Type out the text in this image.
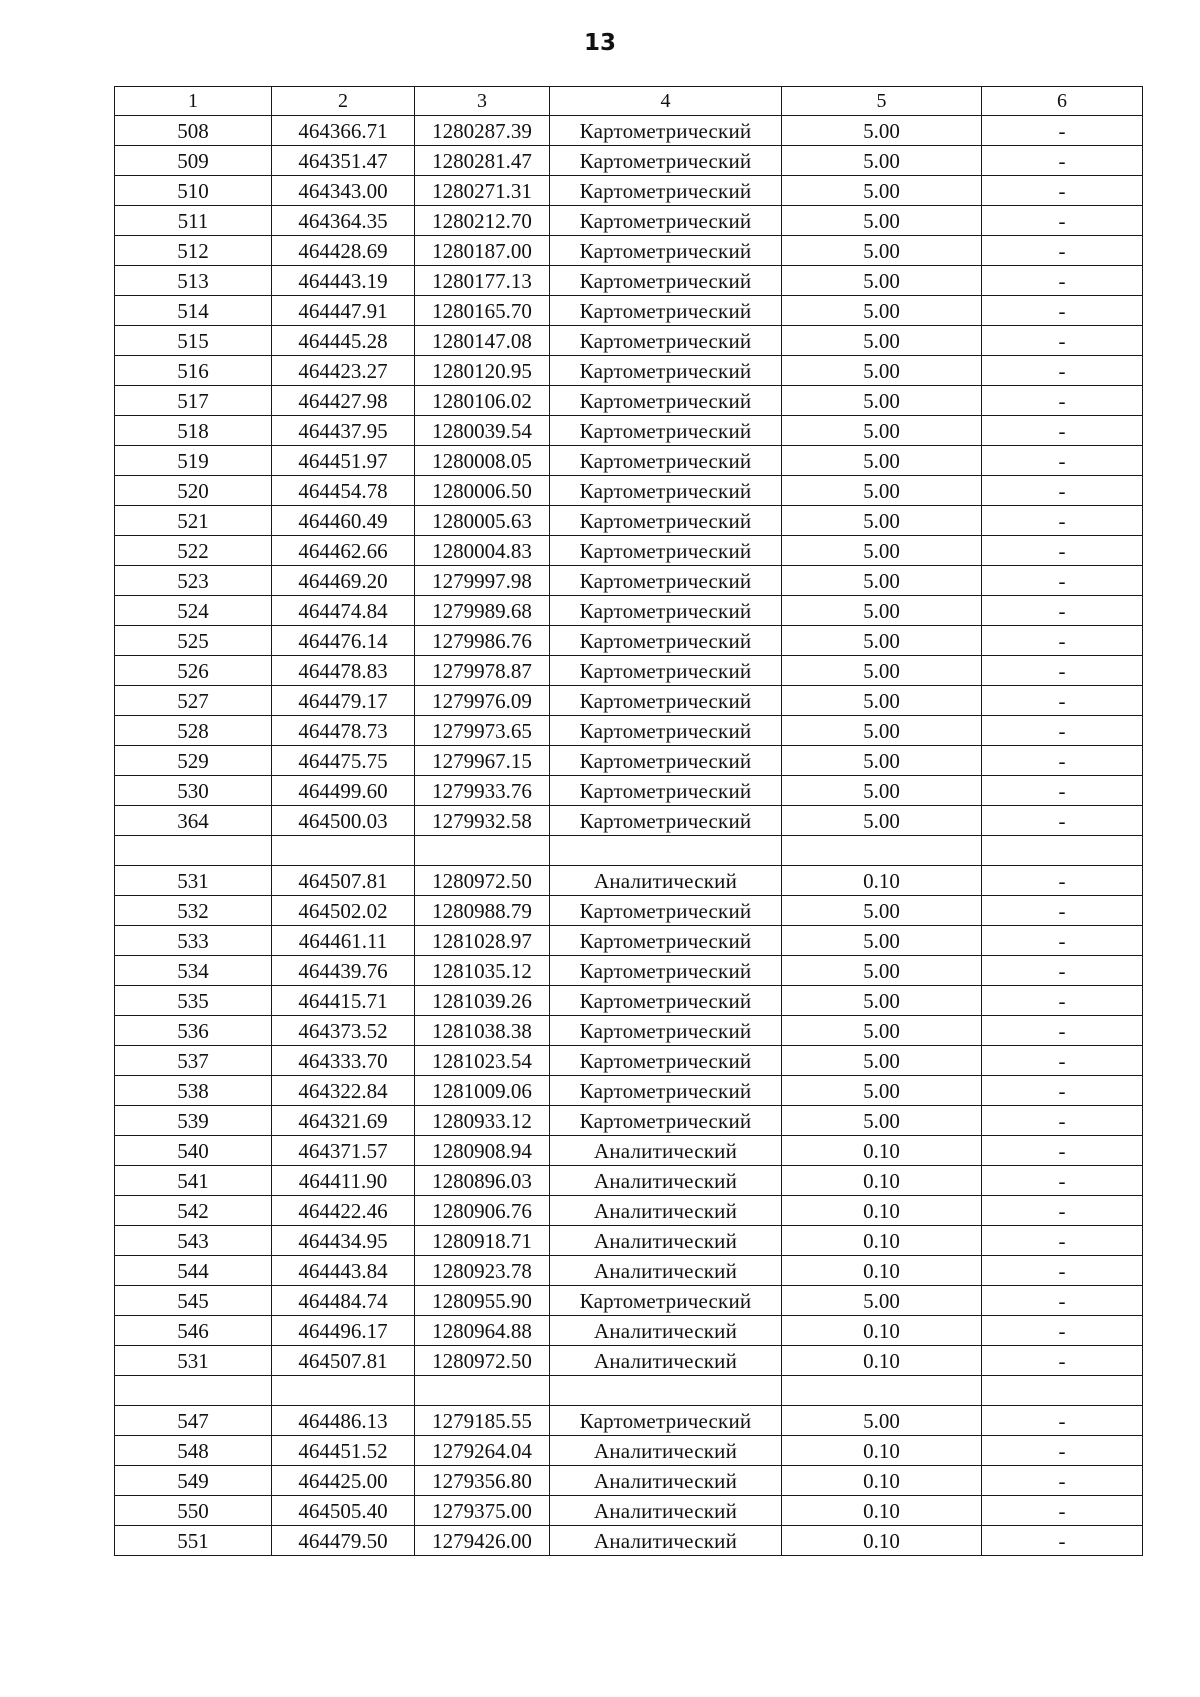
13
1	2	3	4	5	6
508	464366.71	1280287.39	Картометрический	5.00	-
509	464351.47	1280281.47	Картометрический	5.00	-
510	464343.00	1280271.31	Картометрический	5.00	-
511	464364.35	1280212.70	Картометрический	5.00	-
512	464428.69	1280187.00	Картометрический	5.00	-
513	464443.19	1280177.13	Картометрический	5.00	-
514	464447.91	1280165.70	Картометрический	5.00	-
515	464445.28	1280147.08	Картометрический	5.00	-
516	464423.27	1280120.95	Картометрический	5.00	-
517	464427.98	1280106.02	Картометрический	5.00	-
518	464437.95	1280039.54	Картометрический	5.00	-
519	464451.97	1280008.05	Картометрический	5.00	-
520	464454.78	1280006.50	Картометрический	5.00	-
521	464460.49	1280005.63	Картометрический	5.00	-
522	464462.66	1280004.83	Картометрический	5.00	-
523	464469.20	1279997.98	Картометрический	5.00	-
524	464474.84	1279989.68	Картометрический	5.00	-
525	464476.14	1279986.76	Картометрический	5.00	-
526	464478.83	1279978.87	Картометрический	5.00	-
527	464479.17	1279976.09	Картометрический	5.00	-
528	464478.73	1279973.65	Картометрический	5.00	-
529	464475.75	1279967.15	Картометрический	5.00	-
530	464499.60	1279933.76	Картометрический	5.00	-
364	464500.03	1279932.58	Картометрический	5.00	-

531	464507.81	1280972.50	Аналитический	0.10	-
532	464502.02	1280988.79	Картометрический	5.00	-
533	464461.11	1281028.97	Картометрический	5.00	-
534	464439.76	1281035.12	Картометрический	5.00	-
535	464415.71	1281039.26	Картометрический	5.00	-
536	464373.52	1281038.38	Картометрический	5.00	-
537	464333.70	1281023.54	Картометрический	5.00	-
538	464322.84	1281009.06	Картометрический	5.00	-
539	464321.69	1280933.12	Картометрический	5.00	-
540	464371.57	1280908.94	Аналитический	0.10	-
541	464411.90	1280896.03	Аналитический	0.10	-
542	464422.46	1280906.76	Аналитический	0.10	-
543	464434.95	1280918.71	Аналитический	0.10	-
544	464443.84	1280923.78	Аналитический	0.10	-
545	464484.74	1280955.90	Картометрический	5.00	-
546	464496.17	1280964.88	Аналитический	0.10	-
531	464507.81	1280972.50	Аналитический	0.10	-

547	464486.13	1279185.55	Картометрический	5.00	-
548	464451.52	1279264.04	Аналитический	0.10	-
549	464425.00	1279356.80	Аналитический	0.10	-
550	464505.40	1279375.00	Аналитический	0.10	-
551	464479.50	1279426.00	Аналитический	0.10	-
